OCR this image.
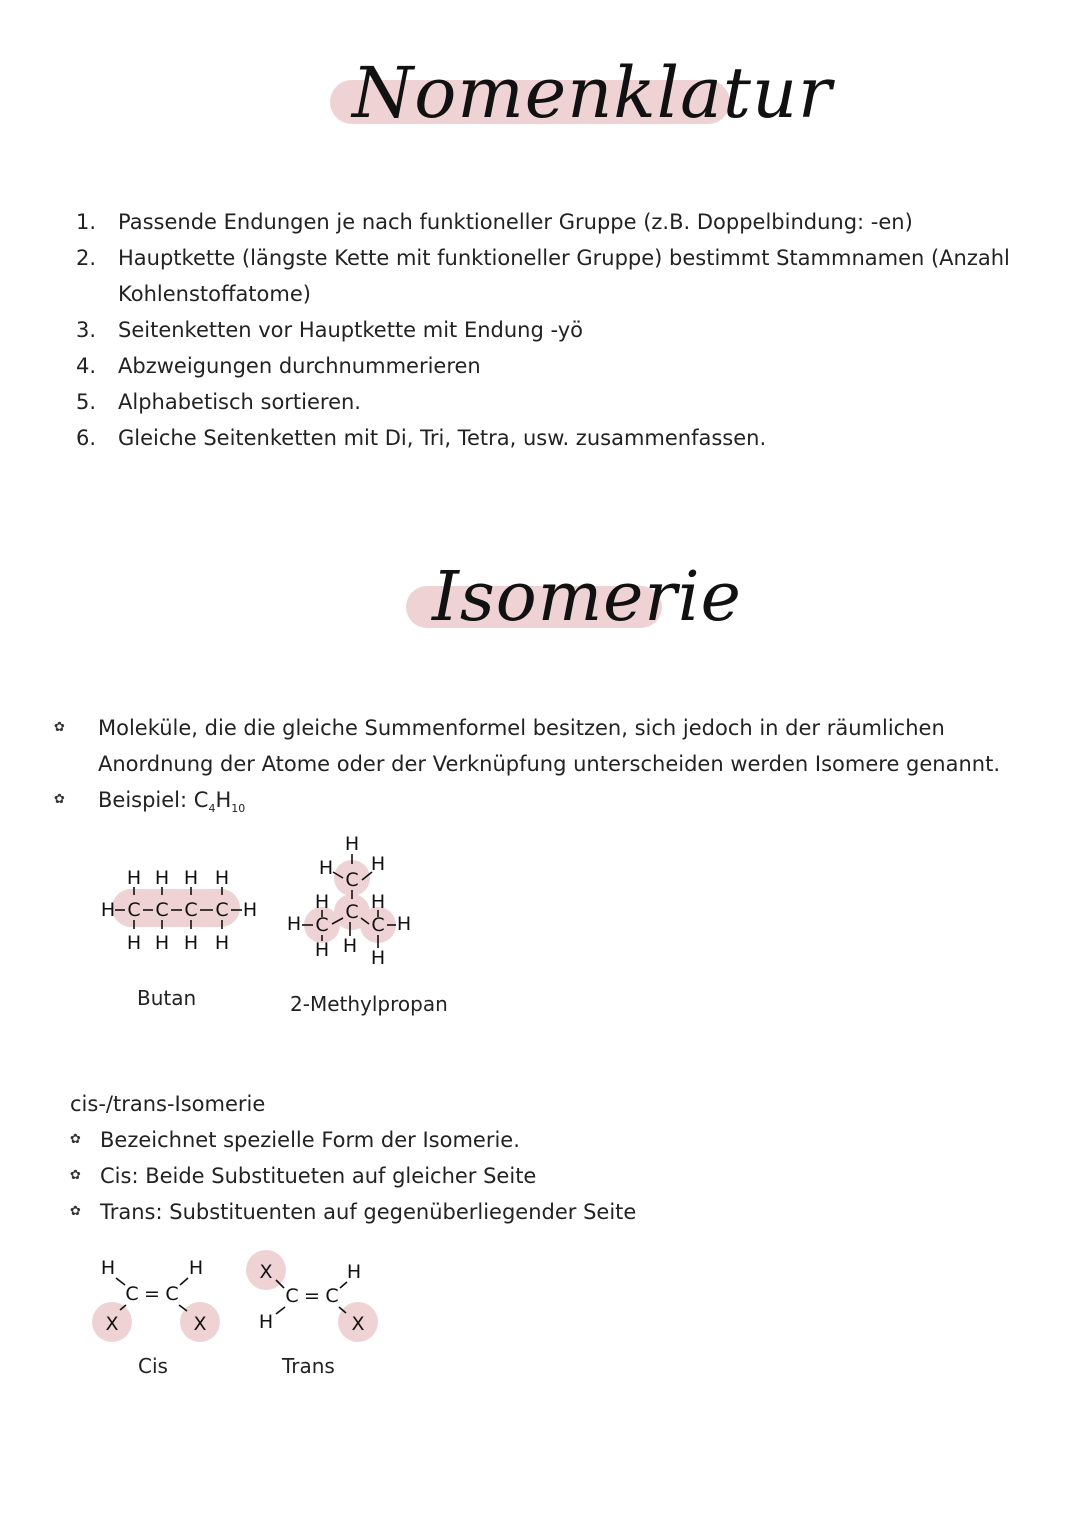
Nomenklatur
1.	Passende Endungen je nach funktioneller Gruppe (z.B. Doppelbindung: -en)
2.	Hauptkette (längste Kette mit funktioneller Gruppe) bestimmt Stammnamen (Anzahl Kohlenstoffatome)
3.	Seitenketten vor Hauptkette mit Endung -yö
4.	Abzweigungen durchnummerieren
5.	Alphabetisch sortieren.
6.	Gleiche Seitenketten mit Di, Tri, Tetra, usw. zusammenfassen.
Isomerie
✿	Moleküle, die die gleiche Summenformel besitzen, sich jedoch in der räumlichen Anordnung der Atome oder der Verknüpfung unterscheiden werden Isomere genannt.
✿	Beispiel: $C_4H_{10}$
H C C C C H
H H H H
H H H H
Butan
H
H
C
H
H C H
H C C H
H H
H
2-Methylpropan
cis-/trans-Isomerie
✿ Bezeichnet spezielle Form der Isomerie.
✿ Cis: Beide Substitueten auf gleicher Seite
✿ Trans: Substituenten auf gegenüberliegender Seite
H	H
C = C
X	X
Cis
X	H
C = C
H	X
Trans
